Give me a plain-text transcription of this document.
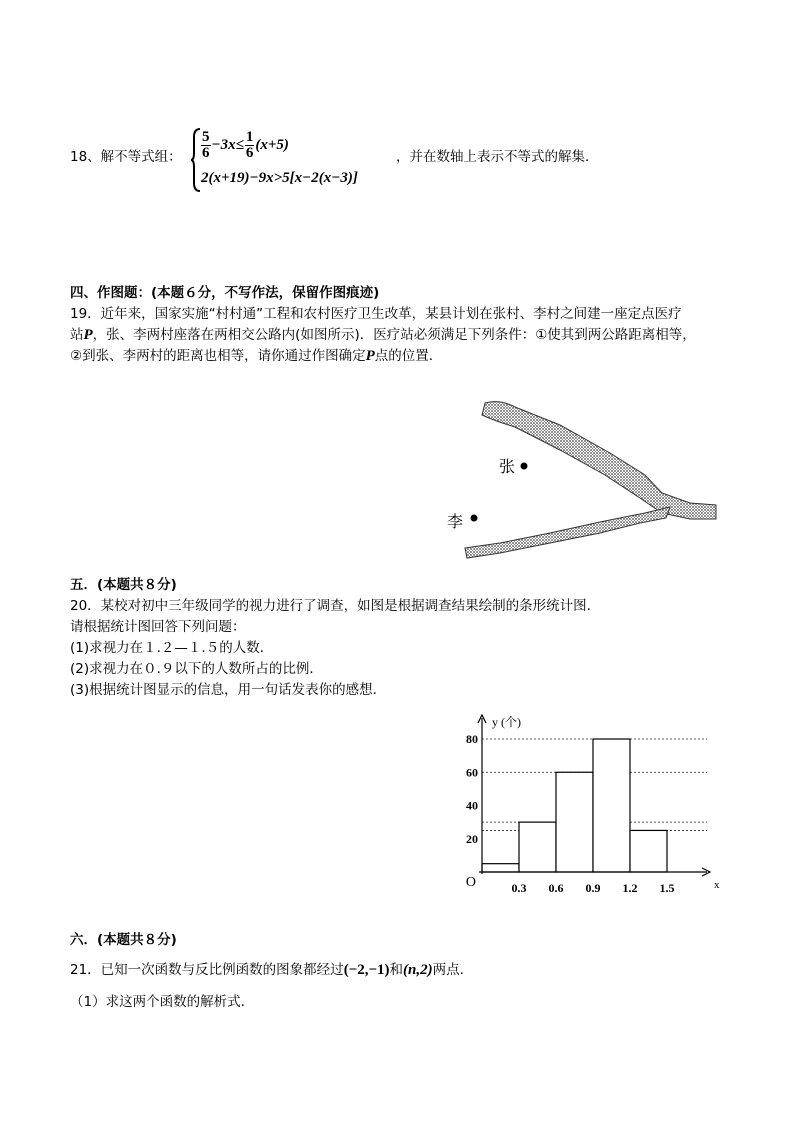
18、解不等式组： $\frac{5}{6} -3x\le \frac{1}{6} (x+5)$
2(x+19)−9x>5[x−2(x−3)]
，并在数轴上表示不等式的解集．
四、作图题：(本题６分，不写作法，保留作图痕迹)
19．近年来，国家实施“村村通”工程和农村医疗卫生改革，某县计划在张村、李村之间建一座定点医疗
站P，张、李两村座落在两相交公路内(如图所示)．医疗站必须满足下列条件：①使其到两公路距离相等，
②到张、李两村的距离也相等，请你通过作图确定P点的位置．
张
李
五．(本题共８分)
20．某校对初中三年级同学的视力进行了调查，如图是根据调查结果绘制的条形统计图．
请根据统计图回答下列问题：
(1)求视力在１.２—１.５的人数．
(2)求视力在０.９以下的人数所占的比例．
(3)根据统计图显示的信息，用一句话发表你的感想．
0.3 0.6 0.9 1.2 1.5
20
40
60
80
O
y (个)
x
六．(本题共８分)
21．已知一次函数与反比例函数的图象都经过(−2,−1)和(n,2)两点．
（1）求这两个函数的解析式．
